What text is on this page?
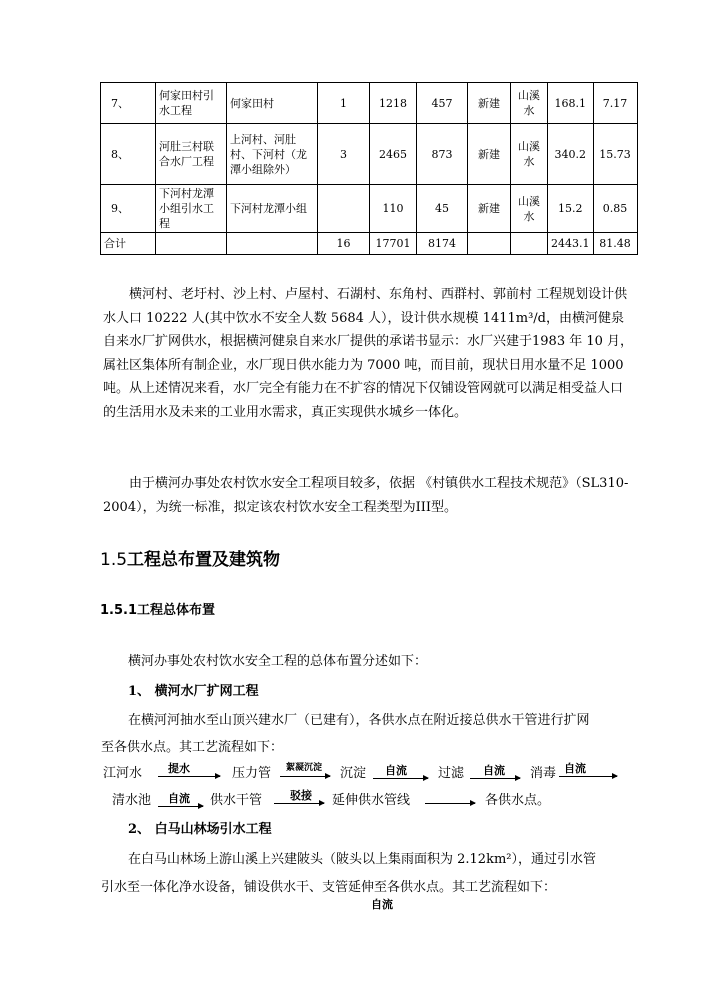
7、	何家田村引水工程	何家田村	1	1218	457	新建	山溪水	168.1	7.17
8、	河肚三村联合水厂工程	上河村、河肚村、下河村（龙潭小组除外）	3	2465	873	新建	山溪水	340.2	15.73
9、	下河村龙潭小组引水工程	下河村龙潭小组		110	45	新建	山溪水	15.2	0.85
合计			16	17701	8174			2443.1	81.48
横河村、老圩村、沙上村、卢屋村、石湖村、东角村、西群村、郭前村 工程规划设计供水人口 10222 人(其中饮水不安全人数 5684 人），设计供水规模 1411m³/d，由横河健泉自来水厂扩网供水，根据横河健泉自来水厂提供的承诺书显示：水厂兴建于1983 年 10 月，属社区集体所有制企业，水厂现日供水能力为 7000 吨，而目前，现状日用水量不足 1000 吨。从上述情况来看，水厂完全有能力在不扩容的情况下仅铺设管网就可以满足相受益人口的生活用水及未来的工业用水需求，真正实现供水城乡一体化。
由于横河办事处农村饮水安全工程项目较多，依据 《村镇供水工程技术规范》（SL310-2004），为统一标准，拟定该农村饮水安全工程类型为III型。
1.5工程总布置及建筑物
1.5.1工程总体布置
横河办事处农村饮水安全工程的总体布置分述如下：
1、 横河水厂扩网工程
在横河河抽水至山顶兴建水厂（已建有），各供水点在附近接总供水干管进行扩网
至各供水点。其工艺流程如下：
江河水 提水	压力管 絮凝沉淀 沉淀 自流 过滤 自流 消毒 自流
清水池 自流 供水干管	驳接 延伸供水管线	各供水点。
2、 白马山林场引水工程
在白马山林场上游山溪上兴建陂头（陂头以上集雨面积为 2.12km²），通过引水管
引水至一体化净水设备，铺设供水干、支管延伸至各供水点。其工艺流程如下：
自流
